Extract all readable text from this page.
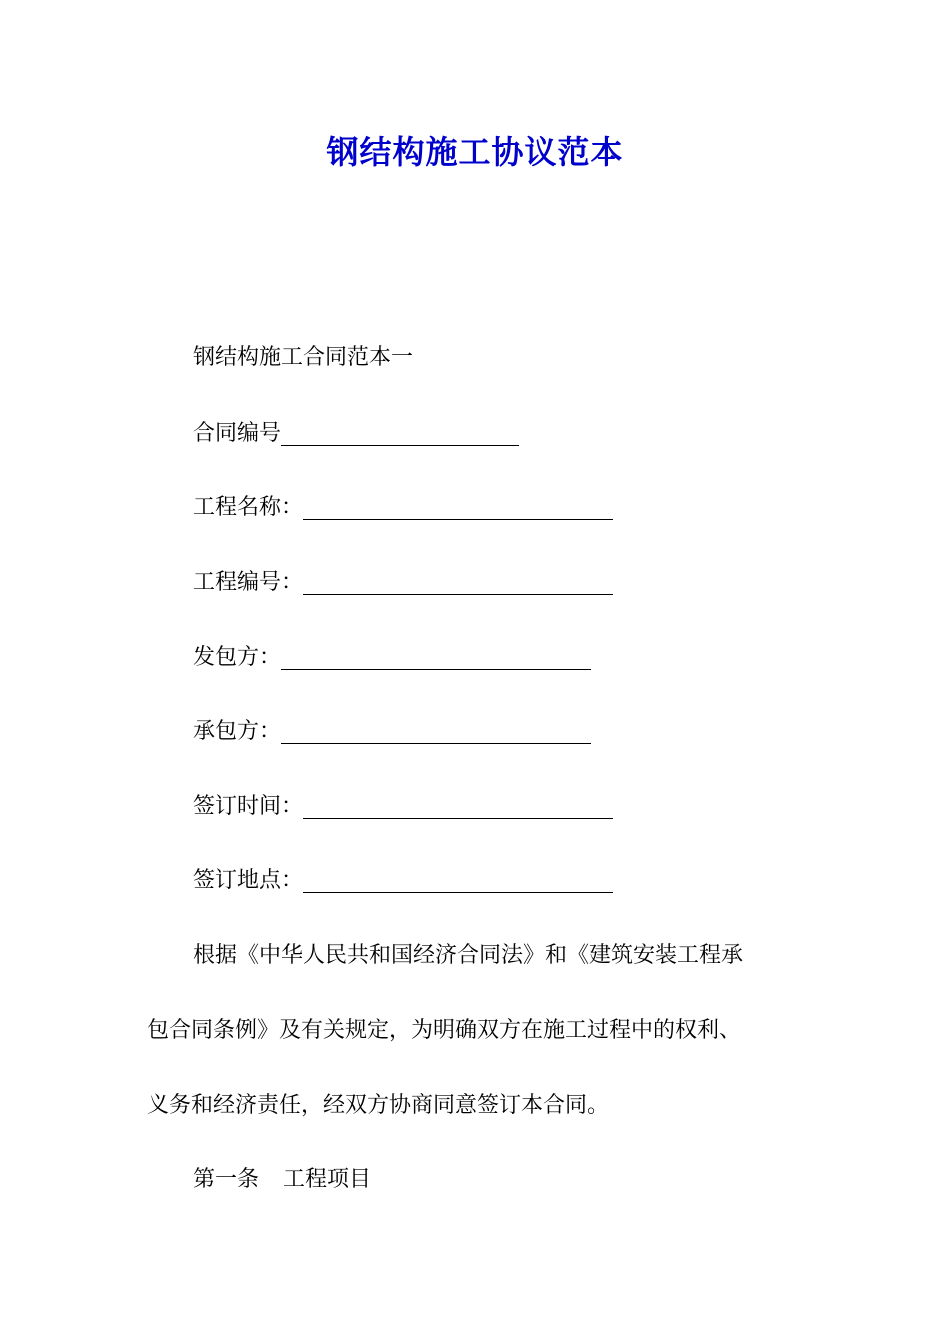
钢结构施工协议范本
钢结构施工合同范本一
合同编号
工程名称：
工程编号：
发包方：
承包方：
签订时间：
签订地点：
根据《中华人民共和国经济合同法》和《建筑安装工程承
包合同条例》及有关规定，为明确双方在施工过程中的权利、
义务和经济责任，经双方协商同意签订本合同。
第一条 工程项目
